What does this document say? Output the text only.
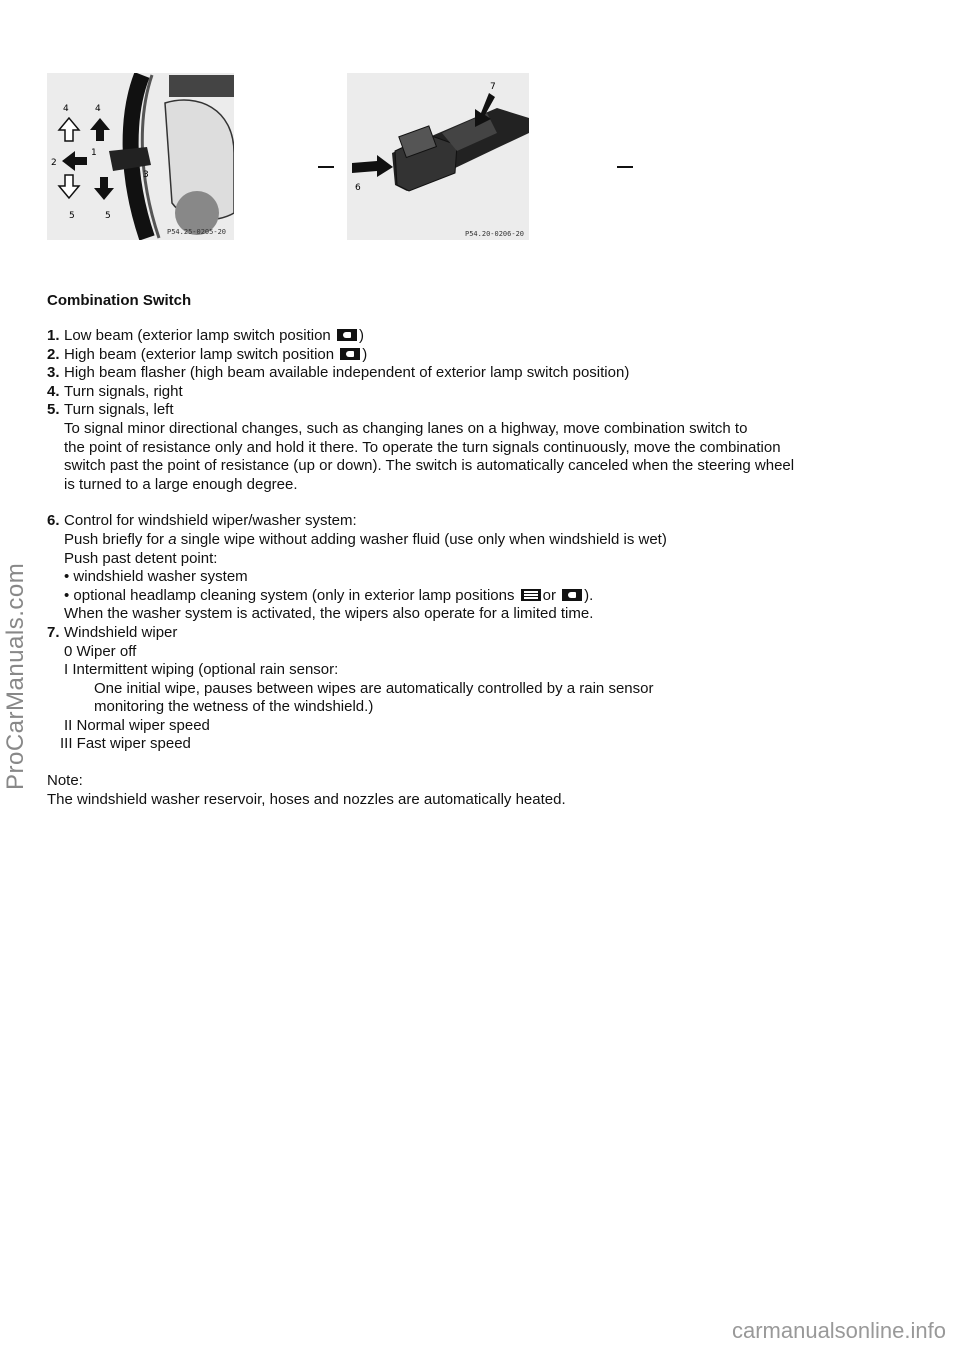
4	4
2
1
3
5	5
P54.25-0205-20
6
7
P54.20-0206-20
Combination Switch
1. Low beam (exterior lamp switch position )
2. High beam (exterior lamp switch position )
3. High beam flasher (high beam available independent of exterior lamp switch position)
4. Turn signals, right
5. Turn signals, left
To signal minor directional changes, such as changing lanes on a highway, move combination switch to
the point of resistance only and hold it there. To operate the turn signals continuously, move the combination
switch past the point of resistance (up or down). The switch is automatically canceled when the steering wheel
is turned to a large enough degree.
6. Control for windshield wiper/washer system:
Push briefly for a single wipe without adding washer fluid (use only when windshield is wet)
Push past detent point:
• windshield washer system
• optional headlamp cleaning system (only in exterior lamp positions or ).
When the washer system is activated, the wipers also operate for a limited time.
7. Windshield wiper
0 Wiper off
I Intermittent wiping (optional rain sensor:
One initial wipe, pauses between wipes are automatically controlled by a rain sensor
monitoring the wetness of the windshield.)
II Normal wiper speed
III Fast wiper speed
Note:
The windshield washer reservoir, hoses and nozzles are automatically heated.
ProCarManuals.com
carmanualsonline.info
